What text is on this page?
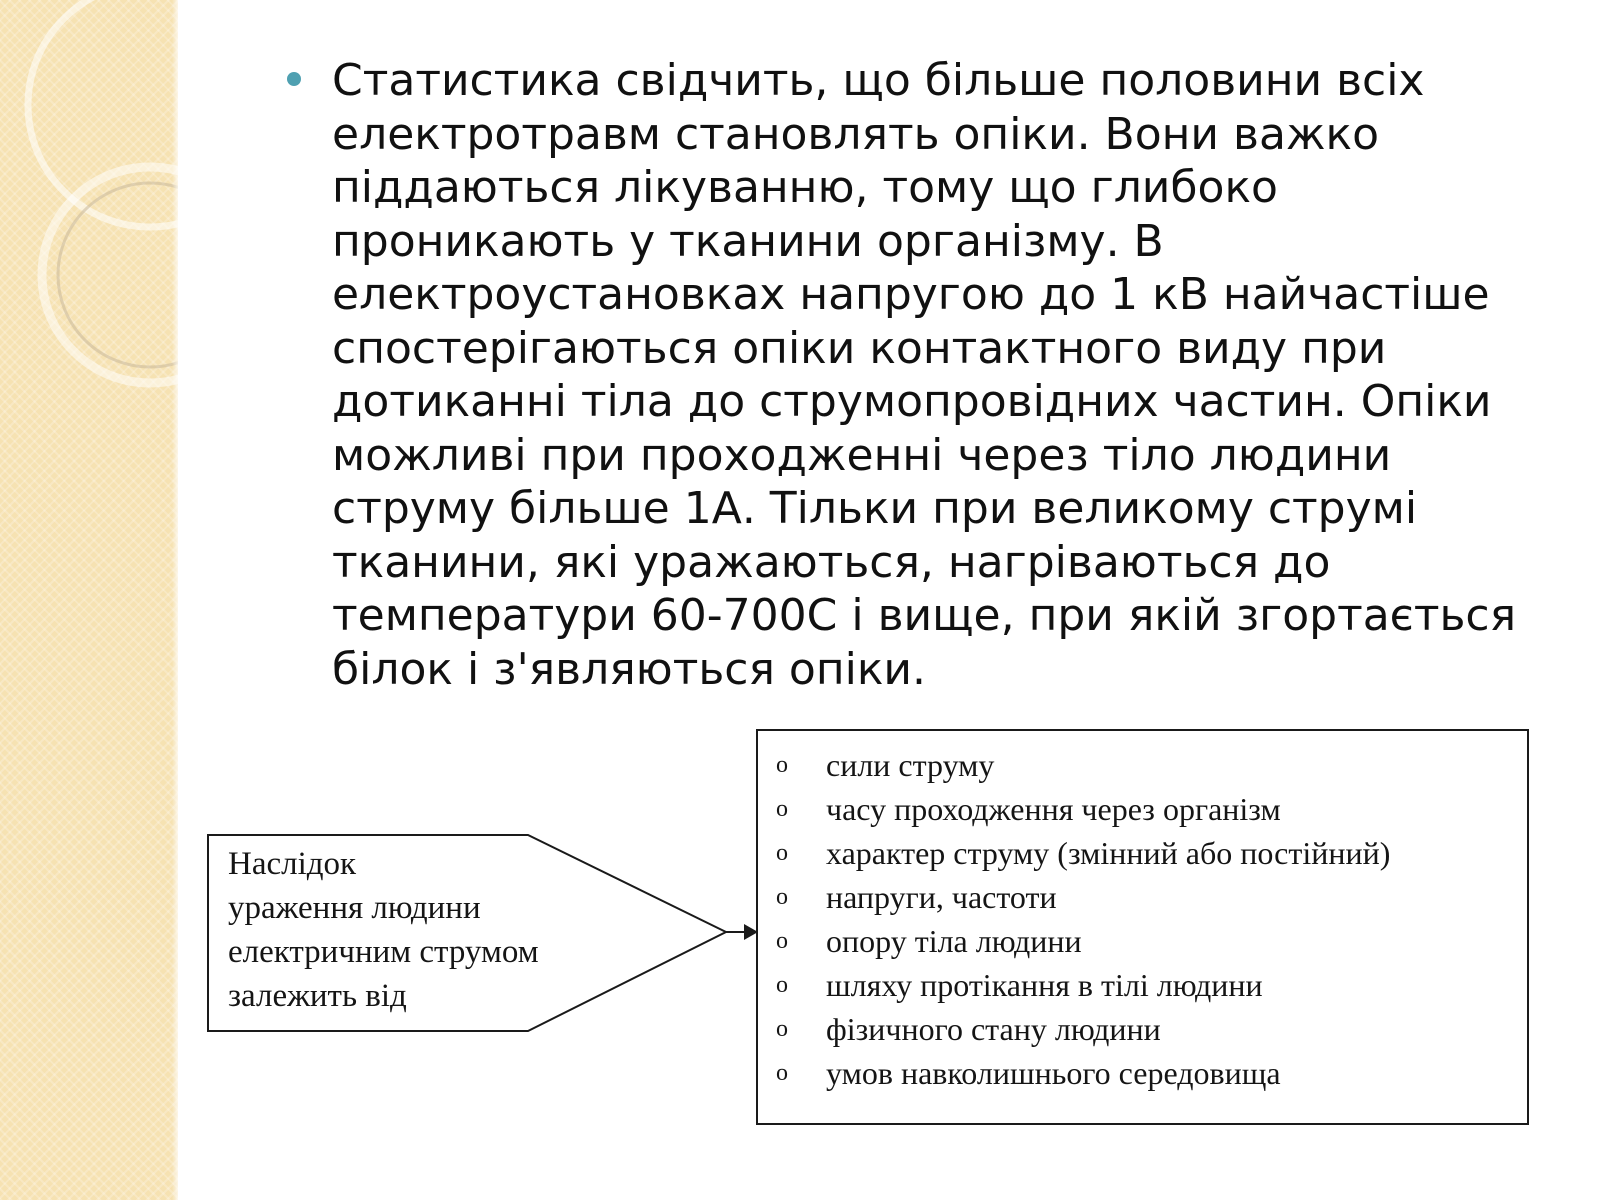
Статистика свідчить, що більше половини всіх
електротравм становлять опіки. Вони важко
піддаються лікуванню, тому що глибоко
проникають у тканини організму. В
електроустановках напругою до 1 кВ найчастіше
спостерігаються опіки контактного виду при
дотиканні тіла до струмопровідних частин. Опіки
можливі при проходженні через тіло людини
струму більше 1А. Тільки при великому струмі
тканини, які уражаються, нагріваються до
температури 60-700С і вище, при якій згортається
білок і з'являються опіки.

Наслідок
ураження людини
електричним струмом
залежить від

o сили струму
o часу проходження через організм
o характер струму (змінний або постійний)
o напруги, частоти
o опору тіла людини
o шляху протікання в тілі людини
o фізичного стану людини
o умов навколишнього середовища
